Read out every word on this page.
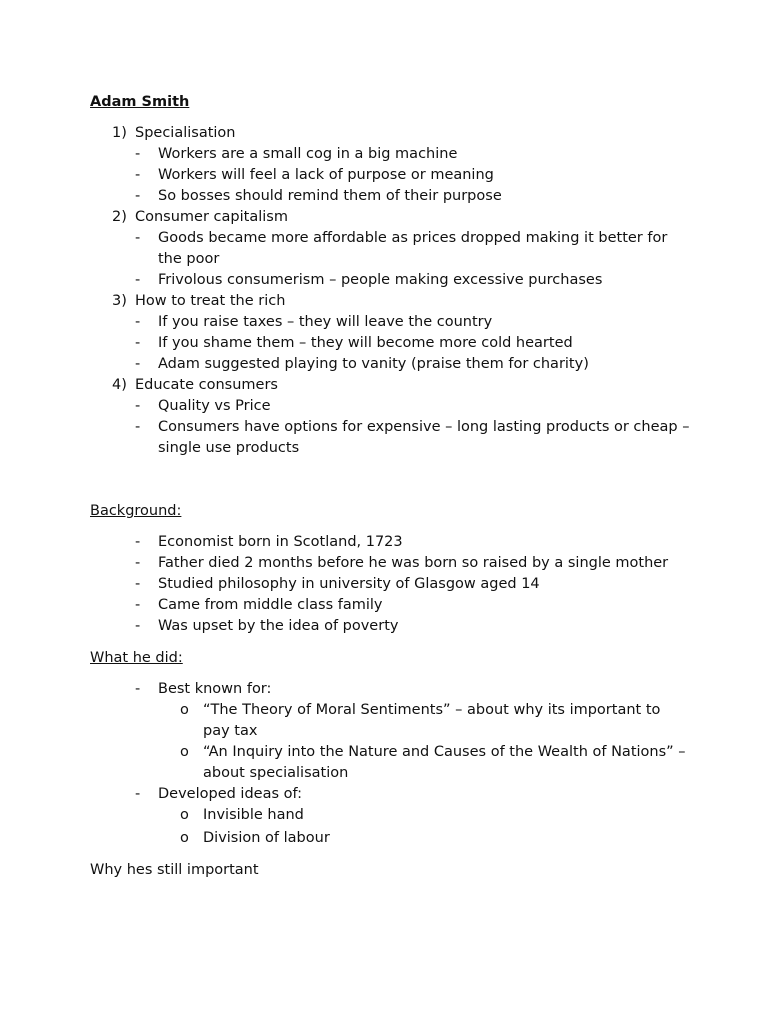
Adam Smith
1) Specialisation
- Workers are a small cog in a big machine
- Workers will feel a lack of purpose or meaning
- So bosses should remind them of their purpose
2) Consumer capitalism
- Goods became more affordable as prices dropped making it better for the poor
- Frivolous consumerism – people making excessive purchases
3) How to treat the rich
- If you raise taxes – they will leave the country
- If you shame them – they will become more cold hearted
- Adam suggested playing to vanity (praise them for charity)
4) Educate consumers
- Quality vs Price
- Consumers have options for expensive – long lasting products or cheap – single use products
Background:
- Economist born in Scotland, 1723
- Father died 2 months before he was born so raised by a single mother
- Studied philosophy in university of Glasgow aged 14
- Came from middle class family
- Was upset by the idea of poverty
What he did:
- Best known for:
o “The Theory of Moral Sentiments” – about why its important to pay tax
o “An Inquiry into the Nature and Causes of the Wealth of Nations” – about specialisation
- Developed ideas of:
o Invisible hand
o Division of labour
Why hes still important
